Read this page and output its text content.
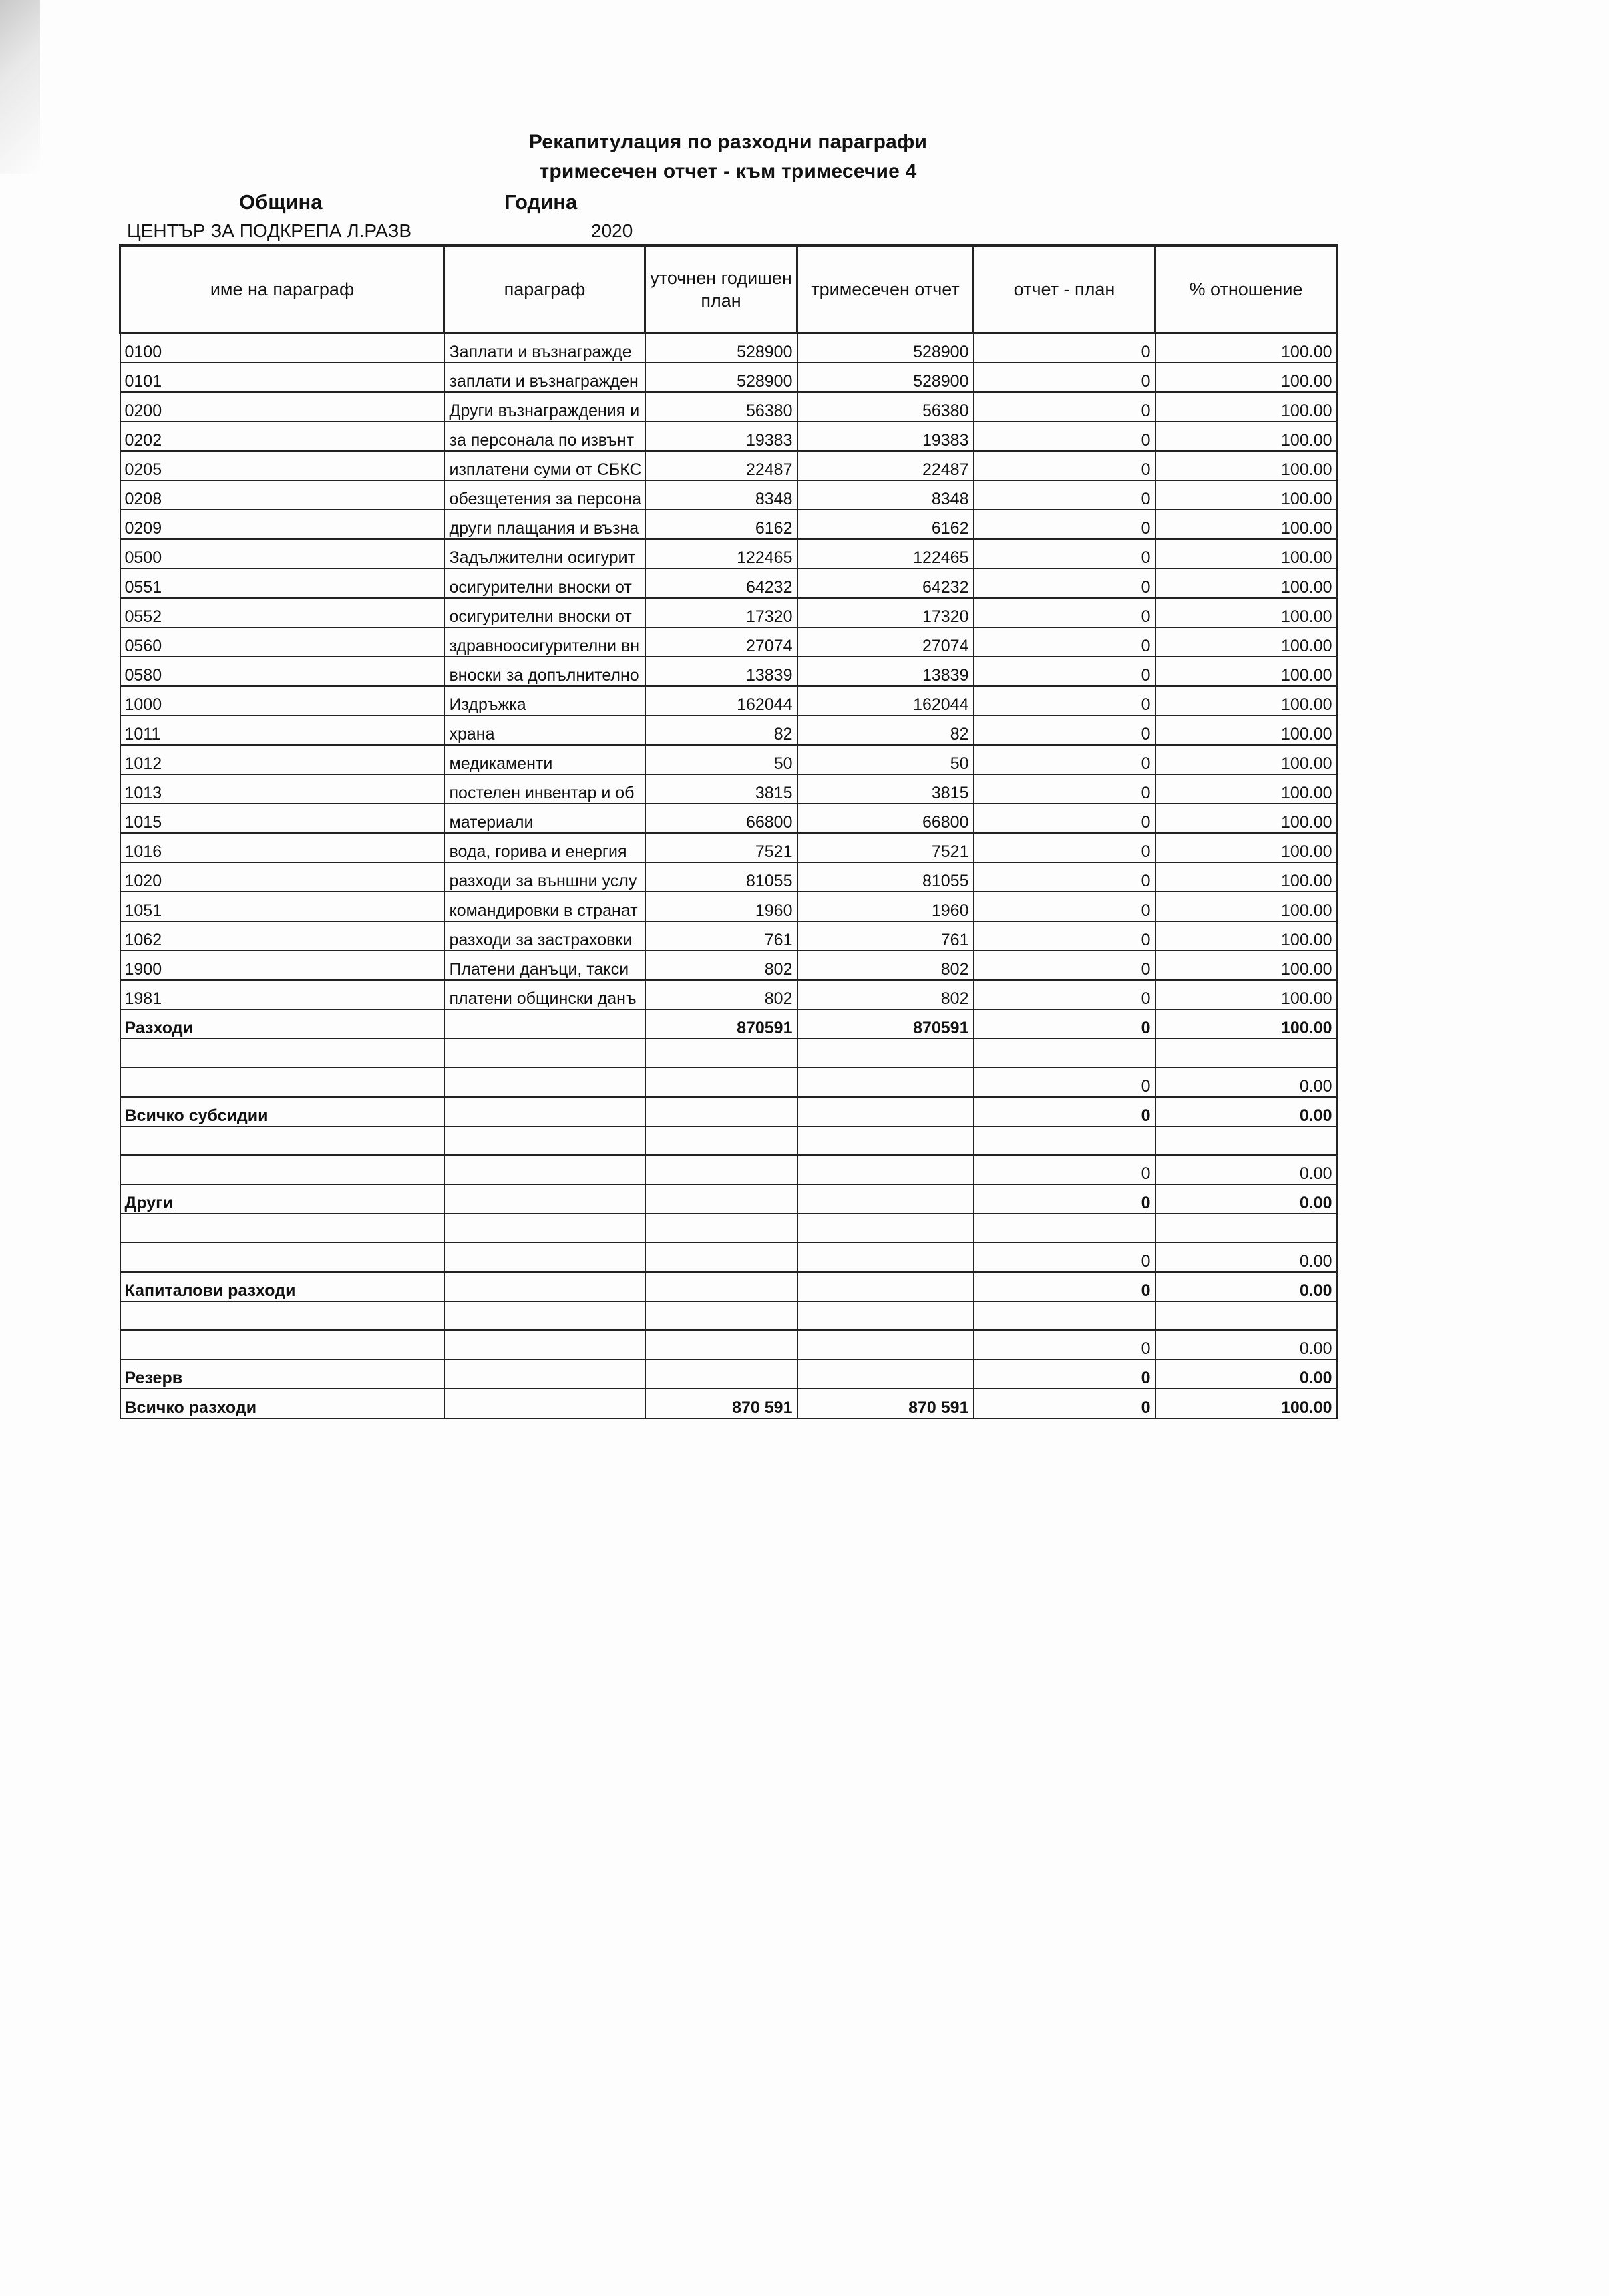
Рекапитулация по разходни параграфи
тримесечен отчет - към тримесечие 4
Община	Година
ЦЕНТЪР ЗА ПОДКРЕПА Л.РАЗВ	2020
име на параграф	параграф	уточнен годишен план	тримесечен отчет	отчет - план	% отношение
0100	Заплати и възнагражде	528900	528900	0	100.00
0101	заплати и възнагражден	528900	528900	0	100.00
0200	Други възнаграждения и	56380	56380	0	100.00
0202	за персонала по извънт	19383	19383	0	100.00
0205	изплатени суми от СБКС	22487	22487	0	100.00
0208	обезщетения за персона	8348	8348	0	100.00
0209	други плащания и възна	6162	6162	0	100.00
0500	Задължителни осигурит	122465	122465	0	100.00
0551	осигурителни вноски от	64232	64232	0	100.00
0552	осигурителни вноски от	17320	17320	0	100.00
0560	здравноосигурителни вн	27074	27074	0	100.00
0580	вноски за допълнително	13839	13839	0	100.00
1000	Издръжка	162044	162044	0	100.00
1011	храна	82	82	0	100.00
1012	медикаменти	50	50	0	100.00
1013	постелен инвентар и об	3815	3815	0	100.00
1015	материали	66800	66800	0	100.00
1016	вода, горива и енергия	7521	7521	0	100.00
1020	разходи за външни услу	81055	81055	0	100.00
1051	командировки в странат	1960	1960	0	100.00
1062	разходи за застраховки	761	761	0	100.00
1900	Платени данъци, такси	802	802	0	100.00
1981	платени общински данъ	802	802	0	100.00
Разходи		870591	870591	0	100.00

				0	0.00
Всичко субсидии				0	0.00

				0	0.00
Други				0	0.00

				0	0.00
Капиталови разходи				0	0.00

				0	0.00
Резерв				0	0.00
Всичко разходи		870 591	870 591	0	100.00
